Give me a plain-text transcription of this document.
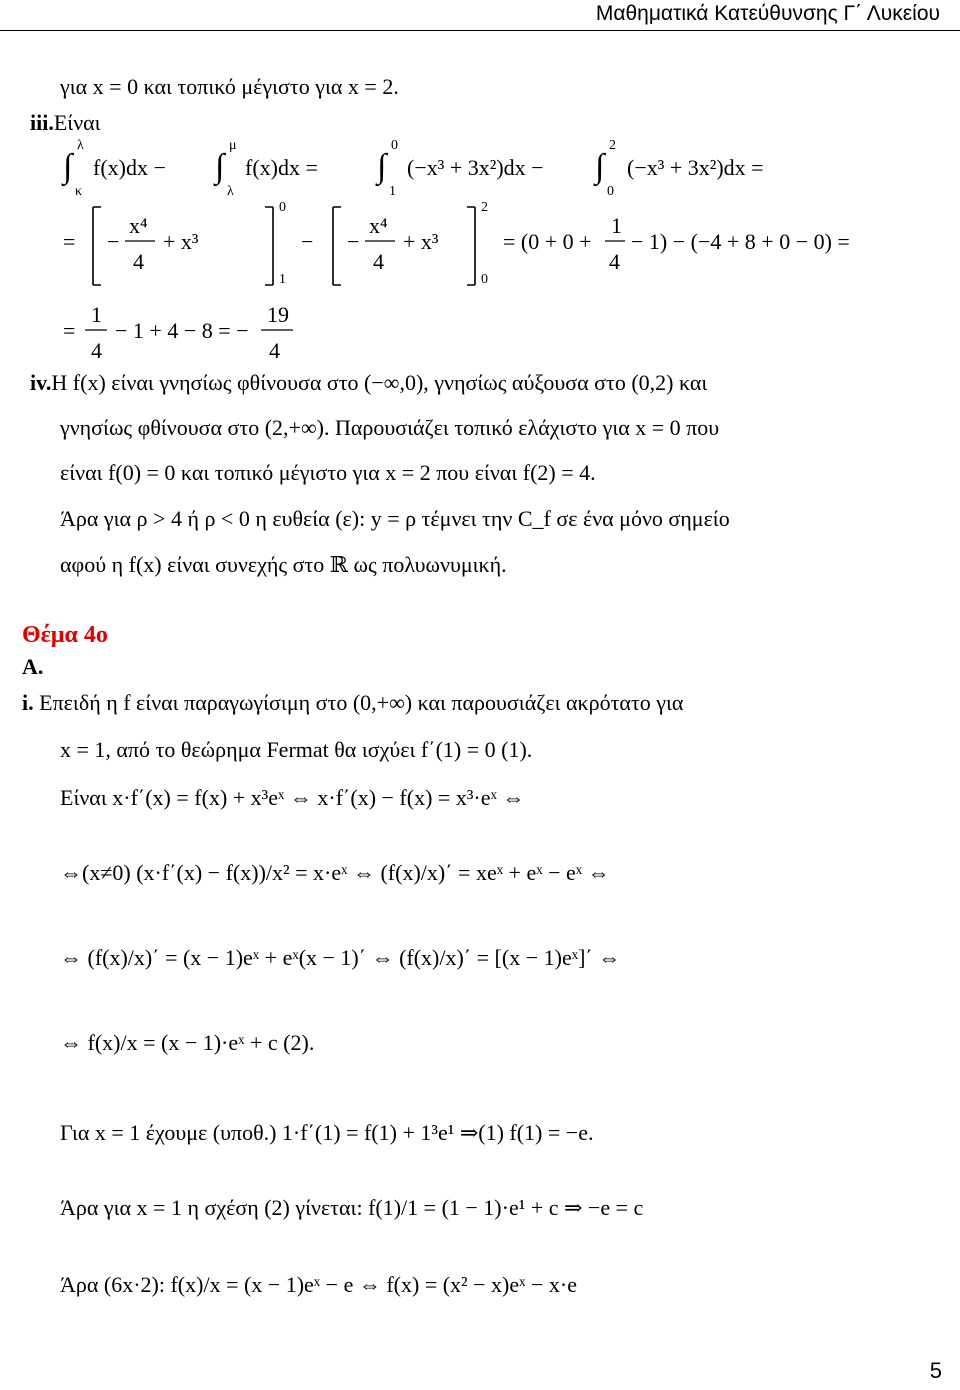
Μαθηματικά Κατεύθυνσης Γ΄ Λυκείου
για x = 0 και τοπικό μέγιστο για x = 2.
iii.Είναι
∫
λ
κ
f(x)dx − ∫
μ
λ
f(x)dx = ∫
0
1
(−x³ + 3x²)dx − ∫
2
0
(−x³ + 3x²)dx =
= −
x⁴
4
+ x³
0
1
− −
x⁴
4
+ x³
2
0
= (0 + 0 +
1
4
− 1) − (−4 + 8 + 0 − 0) =
=
1
4
− 1 + 4 − 8 = −
19
4
iv.Η f(x) είναι γνησίως φθίνουσα στο (−∞,0), γνησίως αύξουσα στο (0,2) και
γνησίως φθίνουσα στο (2,+∞). Παρουσιάζει τοπικό ελάχιστο για x = 0 που
είναι f(0) = 0 και τοπικό μέγιστο για x = 2 που είναι f(2) = 4.
Άρα για ρ > 4 ή ρ < 0 η ευθεία (ε): y = ρ τέμνει την C_f σε ένα μόνο σημείο
αφού η f(x) είναι συνεχής στο ℝ ως πολυωνυμική.
Θέμα 4ο
Α.
i. Επειδή η f είναι παραγωγίσιμη στο (0,+∞) και παρουσιάζει ακρότατο για
x = 1, από το θεώρημα Fermat θα ισχύει f΄(1) = 0 (1).
Είναι x·f΄(x) = f(x) + x³eˣ ⇔ x·f΄(x) − f(x) = x³·eˣ ⇔
⇔(x≠0) (x·f΄(x) − f(x))/x² = x·eˣ ⇔ (f(x)/x)΄ = xeˣ + eˣ − eˣ ⇔
⇔ (f(x)/x)΄ = (x − 1)eˣ + eˣ(x − 1)΄ ⇔ (f(x)/x)΄ = [(x − 1)eˣ]΄ ⇔
⇔ f(x)/x = (x − 1)·eˣ + c (2).
Για x = 1 έχουμε (υποθ.) 1·f΄(1) = f(1) + 1³e¹ ⇒(1) f(1) = −e.
Άρα για x = 1 η σχέση (2) γίνεται: f(1)/1 = (1 − 1)·e¹ + c ⇒ −e = c
Άρα (6x·2): f(x)/x = (x − 1)eˣ − e ⇔ f(x) = (x² − x)eˣ − x·e
5
